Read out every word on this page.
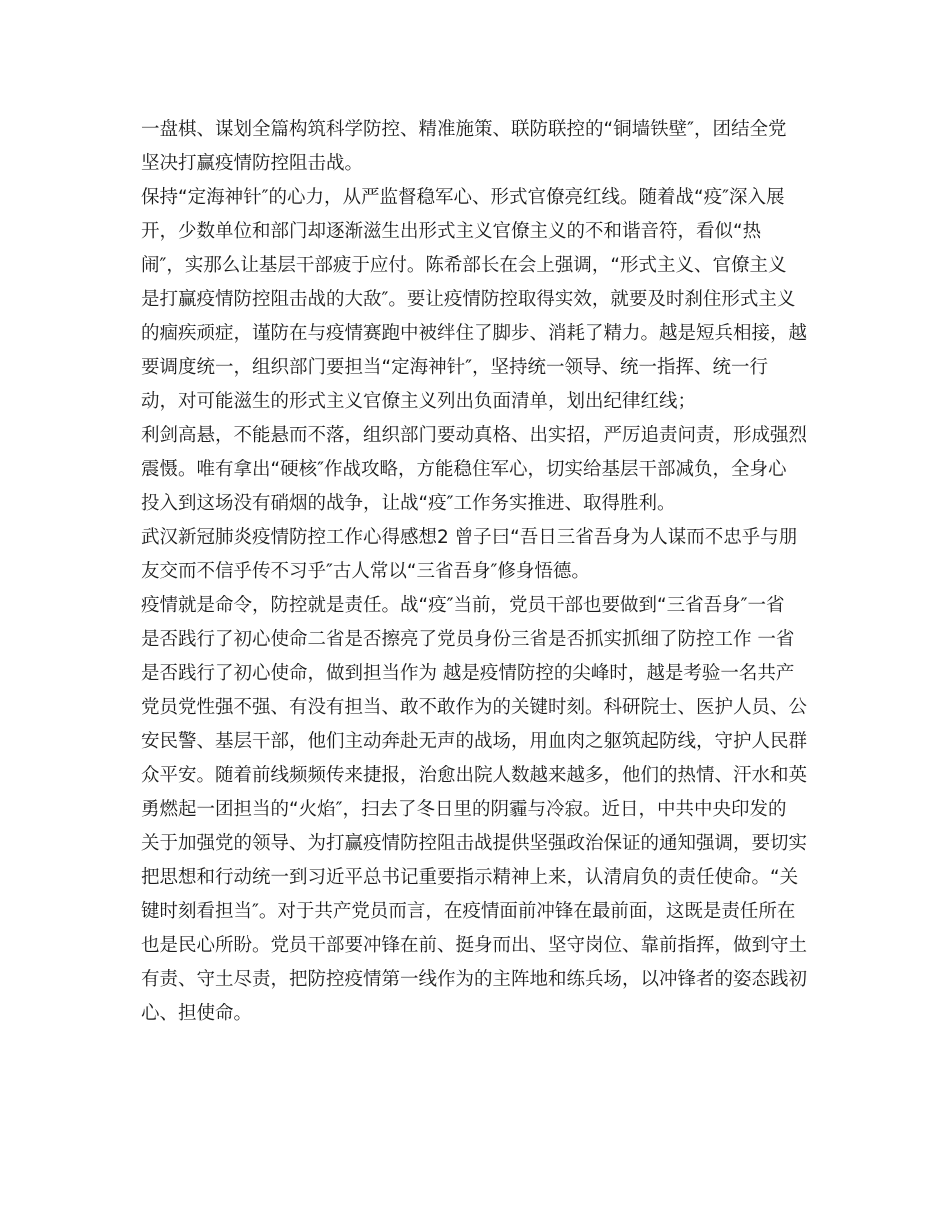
一盘棋、谋划全篇构筑科学防控、精准施策、联防联控的“铜墙铁壁″，团结全党

坚决打赢疫情防控阻击战。

保持“定海神针″的心力，从严监督稳军心、形式官僚亮红线。随着战“疫″深入展

开，少数单位和部门却逐渐滋生出形式主义官僚主义的不和谐音符，看似“热

闹″，实那么让基层干部疲于应付。陈希部长在会上强调，“形式主义、官僚主义

是打赢疫情防控阻击战的大敌″。要让疫情防控取得实效，就要及时刹住形式主义

的痼疾顽症，谨防在与疫情赛跑中被绊住了脚步、消耗了精力。越是短兵相接，越

要调度统一，组织部门要担当“定海神针″，坚持统一领导、统一指挥、统一行

动，对可能滋生的形式主义官僚主义列出负面清单，划出纪律红线；

利剑高悬，不能悬而不落，组织部门要动真格、出实招，严厉追责问责，形成强烈

震慑。唯有拿出“硬核″作战攻略，方能稳住军心，切实给基层干部减负，全身心

投入到这场没有硝烟的战争，让战“疫″工作务实推进、取得胜利。

武汉新冠肺炎疫情防控工作心得感想2 曾子曰“吾日三省吾身为人谋而不忠乎与朋

友交而不信乎传不习乎″古人常以“三省吾身″修身悟德。

疫情就是命令，防控就是责任。战“疫″当前，党员干部也要做到“三省吾身″一省

是否践行了初心使命二省是否擦亮了党员身份三省是否抓实抓细了防控工作 一省

是否践行了初心使命，做到担当作为 越是疫情防控的尖峰时，越是考验一名共产

党员党性强不强、有没有担当、敢不敢作为的关键时刻。科研院士、医护人员、公

安民警、基层干部，他们主动奔赴无声的战场，用血肉之躯筑起防线，守护人民群

众平安。随着前线频频传来捷报，治愈出院人数越来越多，他们的热情、汗水和英

勇燃起一团担当的“火焰″，扫去了冬日里的阴霾与冷寂。近日，中共中央印发的

关于加强党的领导、为打赢疫情防控阻击战提供坚强政治保证的通知强调，要切实

把思想和行动统一到习近平总书记重要指示精神上来，认清肩负的责任使命。“关

键时刻看担当″。对于共产党员而言，在疫情面前冲锋在最前面，这既是责任所在

也是民心所盼。党员干部要冲锋在前、挺身而出、坚守岗位、靠前指挥，做到守土

有责、守土尽责，把防控疫情第一线作为的主阵地和练兵场，以冲锋者的姿态践初

心、担使命。
